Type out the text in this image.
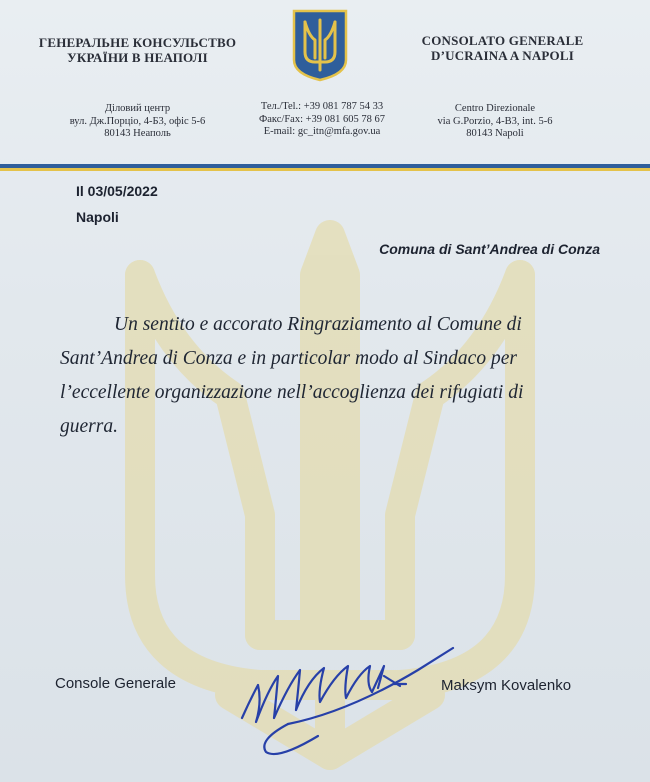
ГЕНЕРАЛЬНЕ КОНСУЛЬСТВО
УКРАЇНИ В НЕАПОЛІ
Діловий центр
вул. Дж.Порціо, 4-Б3, офіс 5-6
80143 Неаполь
Тел./Tel.: +39 081 787 54 33
Факс/Fax: +39 081 605 78 67
E-mail: gc_itn@mfa.gov.ua
CONSOLATO GENERALE
D’UCRAINA A NAPOLI
Centro Direzionale
via G.Porzio, 4-B3, int. 5-6
80143 Napoli
Il 03/05/2022
Napoli
Comuna di Sant’Andrea di Conza
Un sentito e accorato Ringraziamento al Comune di
Sant’Andrea di Conza e in particolar modo al Sindaco per
l’eccellente organizzazione nell’accoglienza dei rifugiati di
guerra.
Console Generale	Maksym Kovalenko
